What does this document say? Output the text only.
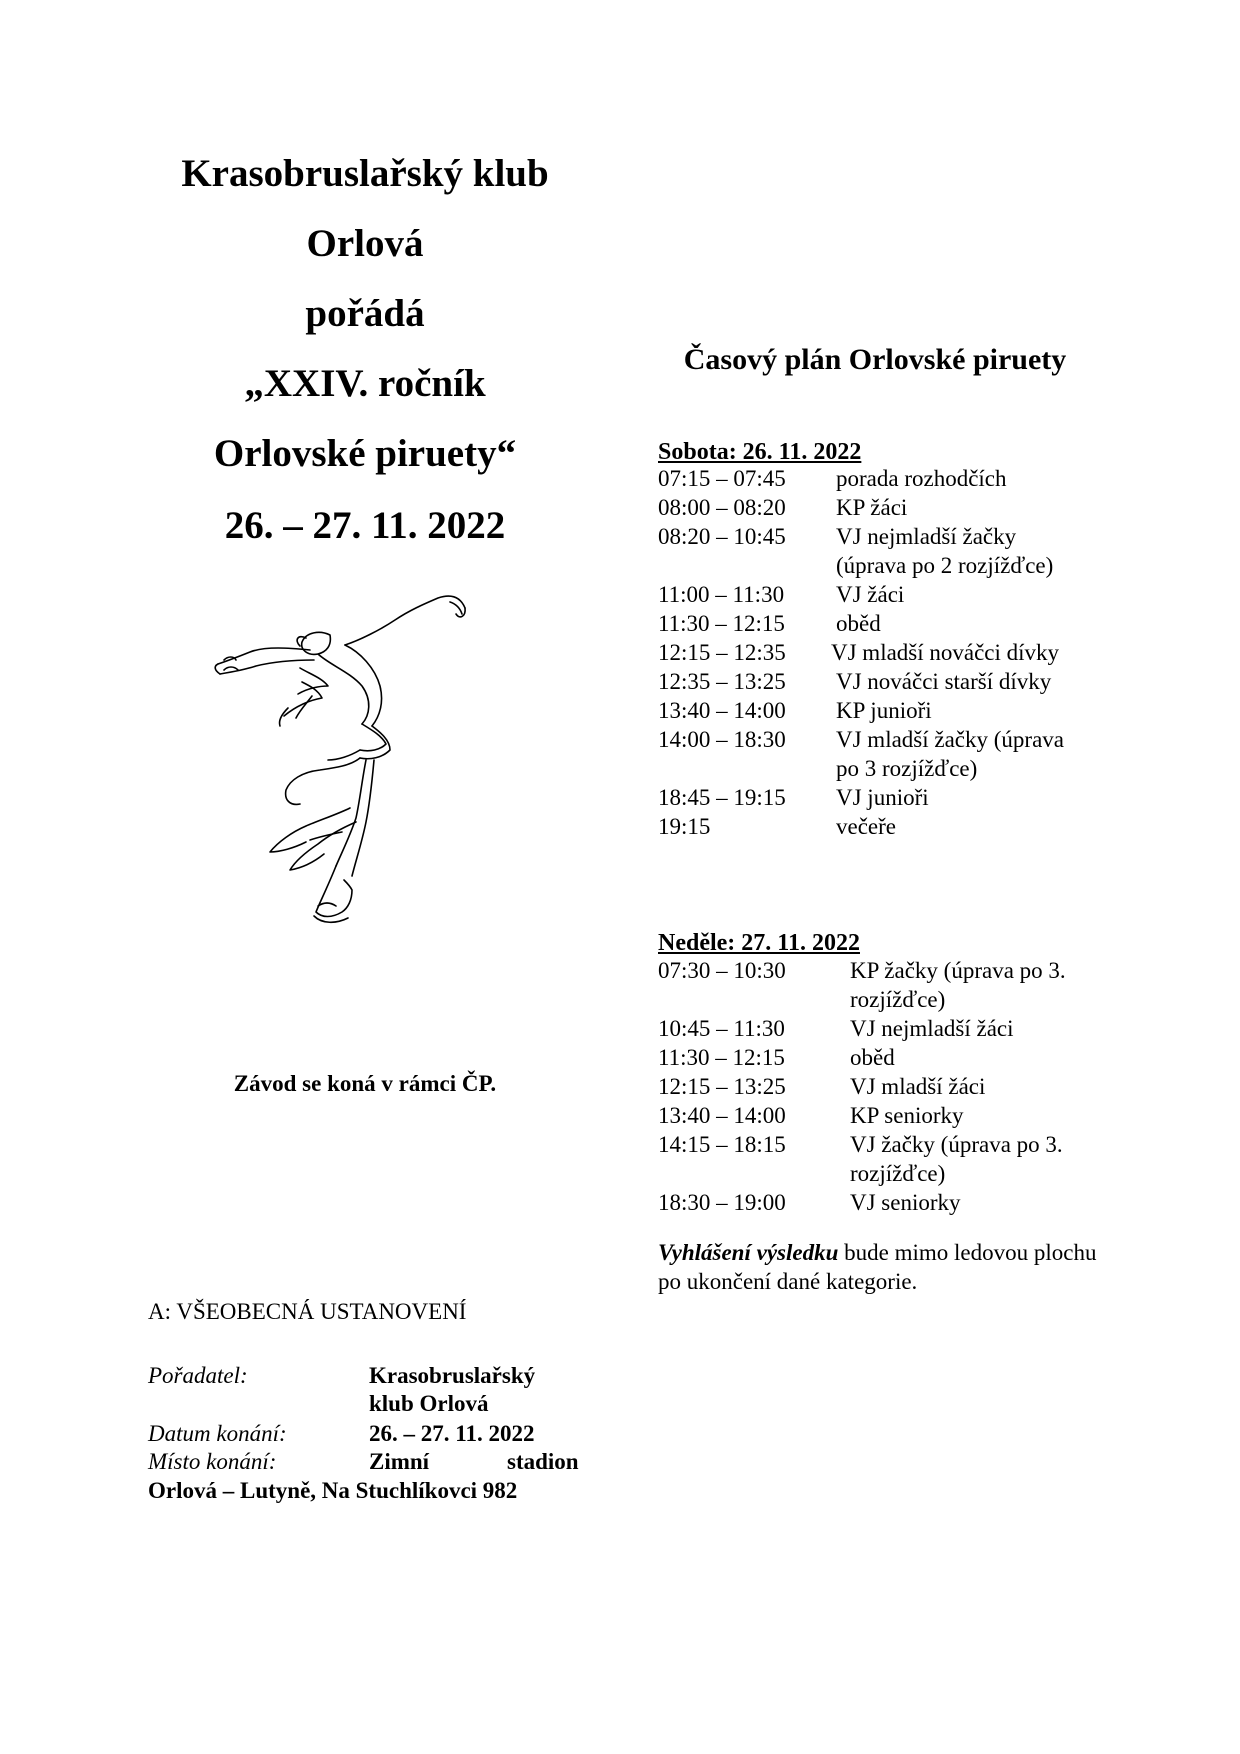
Krasobruslařský klub
Orlová
pořádá
„XXIV. ročník
Orlovské piruety“
26. – 27. 11. 2022
Závod se koná v rámci ČP.
A: VŠEOBECNÁ USTANOVENÍ
Pořadatel:	Krasobruslařský
klub Orlová
Datum konání:	26. – 27. 11. 2022
Místo konání:	Zimní	stadion
Orlová – Lutyně, Na Stuchlíkovci 982
Časový plán Orlovské piruety
Sobota: 26. 11. 2022
07:15 – 07:45 porada rozhodčích
08:00 – 08:20 KP žáci
08:20 – 10:45 VJ nejmladší žačky
(úprava po 2 rozjížďce)
11:00 – 11:30 VJ žáci
11:30 – 12:15 oběd
12:15 – 12:35 VJ mladší nováčci dívky
12:35 – 13:25 VJ nováčci starší dívky
13:40 – 14:00 KP junioři
14:00 – 18:30 VJ mladší žačky (úprava
po 3 rozjížďce)
18:45 – 19:15 VJ junioři
19:15	večeře
Neděle: 27. 11. 2022
07:30 – 10:30	KP žačky (úprava po 3.
rozjížďce)
10:45 – 11:30	VJ nejmladší žáci
11:30 – 12:15	oběd
12:15 – 13:25	VJ mladší žáci
13:40 – 14:00	KP seniorky
14:15 – 18:15	VJ žačky (úprava po 3.
rozjížďce)
18:30 – 19:00	VJ seniorky
Vyhlášení výsledku bude mimo ledovou plochu po ukončení dané kategorie.
